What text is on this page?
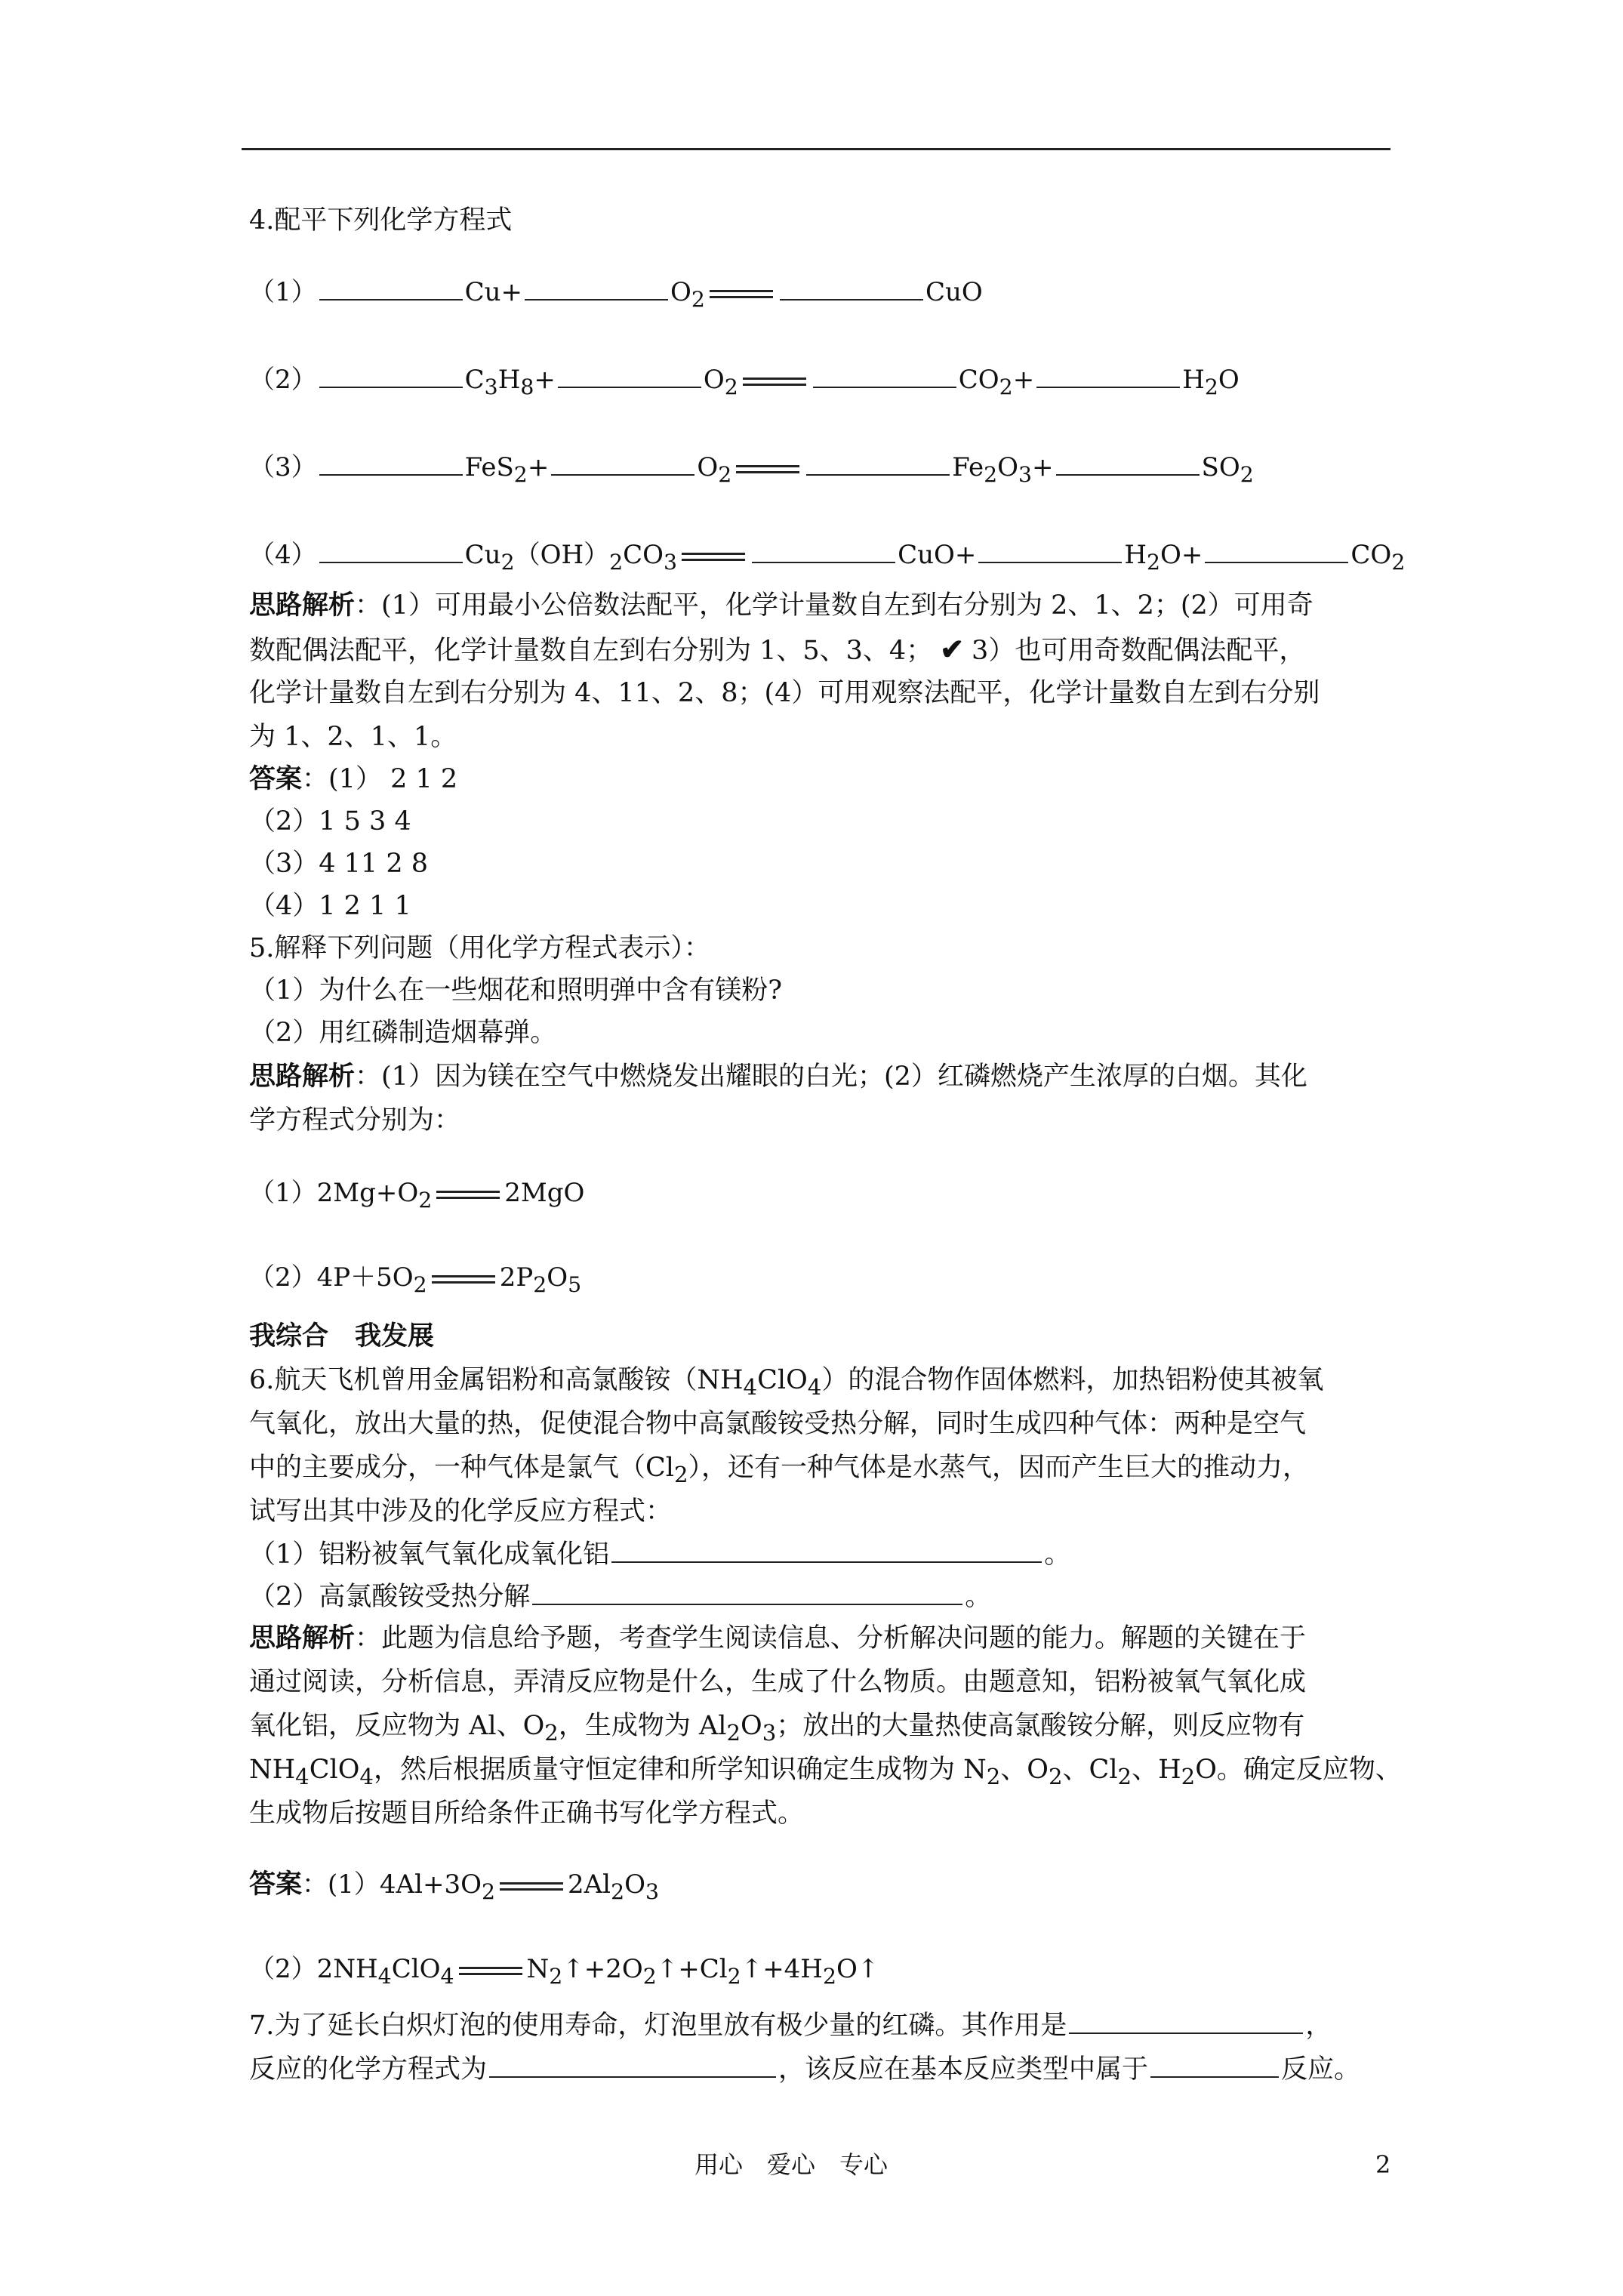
4.配平下列化学方程式
（1）	Cu+	$O_2$	CuO
（2）	$C_3H_8+$	$O_2$	$CO_2+$	$H_2O$
（3）	FeS$_2$+	$O_2$	$Fe_2O_3+$	$SO_2$
（4）	$Cu_2(OH)_2CO_3$	CuO+	$H_2O+$	$CO_2$
思路解析：(1）可用最小公倍数法配平，化学计量数自左到右分别为 2、1、2；(2）可用奇
数配偶法配平，化学计量数自左到右分别为 1、5、3、4； ✔ 3）也可用奇数配偶法配平，
化学计量数自左到右分别为 4、11、2、8；(4）可用观察法配平，化学计量数自左到右分别
为 1、2、1、1。
答案：(1） 2 1 2
（2）1 5 3 4
（3）4 11 2 8
（4）1 2 1 1
5.解释下列问题（用化学方程式表示）：
（1）为什么在一些烟花和照明弹中含有镁粉?
（2）用红磷制造烟幕弹。
思路解析：(1）因为镁在空气中燃烧发出耀眼的白光；(2）红磷燃烧产生浓厚的白烟。其化
学方程式分别为：
$(1)2Mg+O_2$	2MgO
$(2)4P+5O_2$	$2P_2O_5$
我综合　我发展
6.航天飞机曾用金属铝粉和高氯酸铵$(NH_4ClO_4)$的混合物作固体燃料，加热铝粉使其被氧
气氧化，放出大量的热，促使混合物中高氯酸铵受热分解，同时生成四种气体：两种是空气
中的主要成分，一种气体是氯气$(Cl_2)$，还有一种气体是水蒸气，因而产生巨大的推动力，
试写出其中涉及的化学反应方程式：
（1）铝粉被氧气氧化成氧化铝	。
（2）高氯酸铵受热分解	。
思路解析：此题为信息给予题，考查学生阅读信息、分析解决问题的能力。解题的关键在于
通过阅读，分析信息，弄清反应物是什么，生成了什么物质。由题意知，铝粉被氧气氧化成
氧化铝，反应物为 Al、$O_2$，生成物为 $Al_2O_3$；放出的大量热使高氯酸铵分解，则反应物有
$NH_4ClO_4$，然后根据质量守恒定律和所学知识确定生成物为 $N_2$、$O_2$、$Cl_2$、$H_2O$。确定反应物、
生成物后按题目所给条件正确书写化学方程式。
答案：$(1)4Al+3O_2$	$2Al_2O_3$
$(2)2NH_4ClO_4$	$N_2↑+2O_2↑+Cl_2↑+4H_2O↑$
7.为了延长白炽灯泡的使用寿命，灯泡里放有极少量的红磷。其作用是	，
反应的化学方程式为	，该反应在基本反应类型中属于	反应。
用心　爱心　专心	2
